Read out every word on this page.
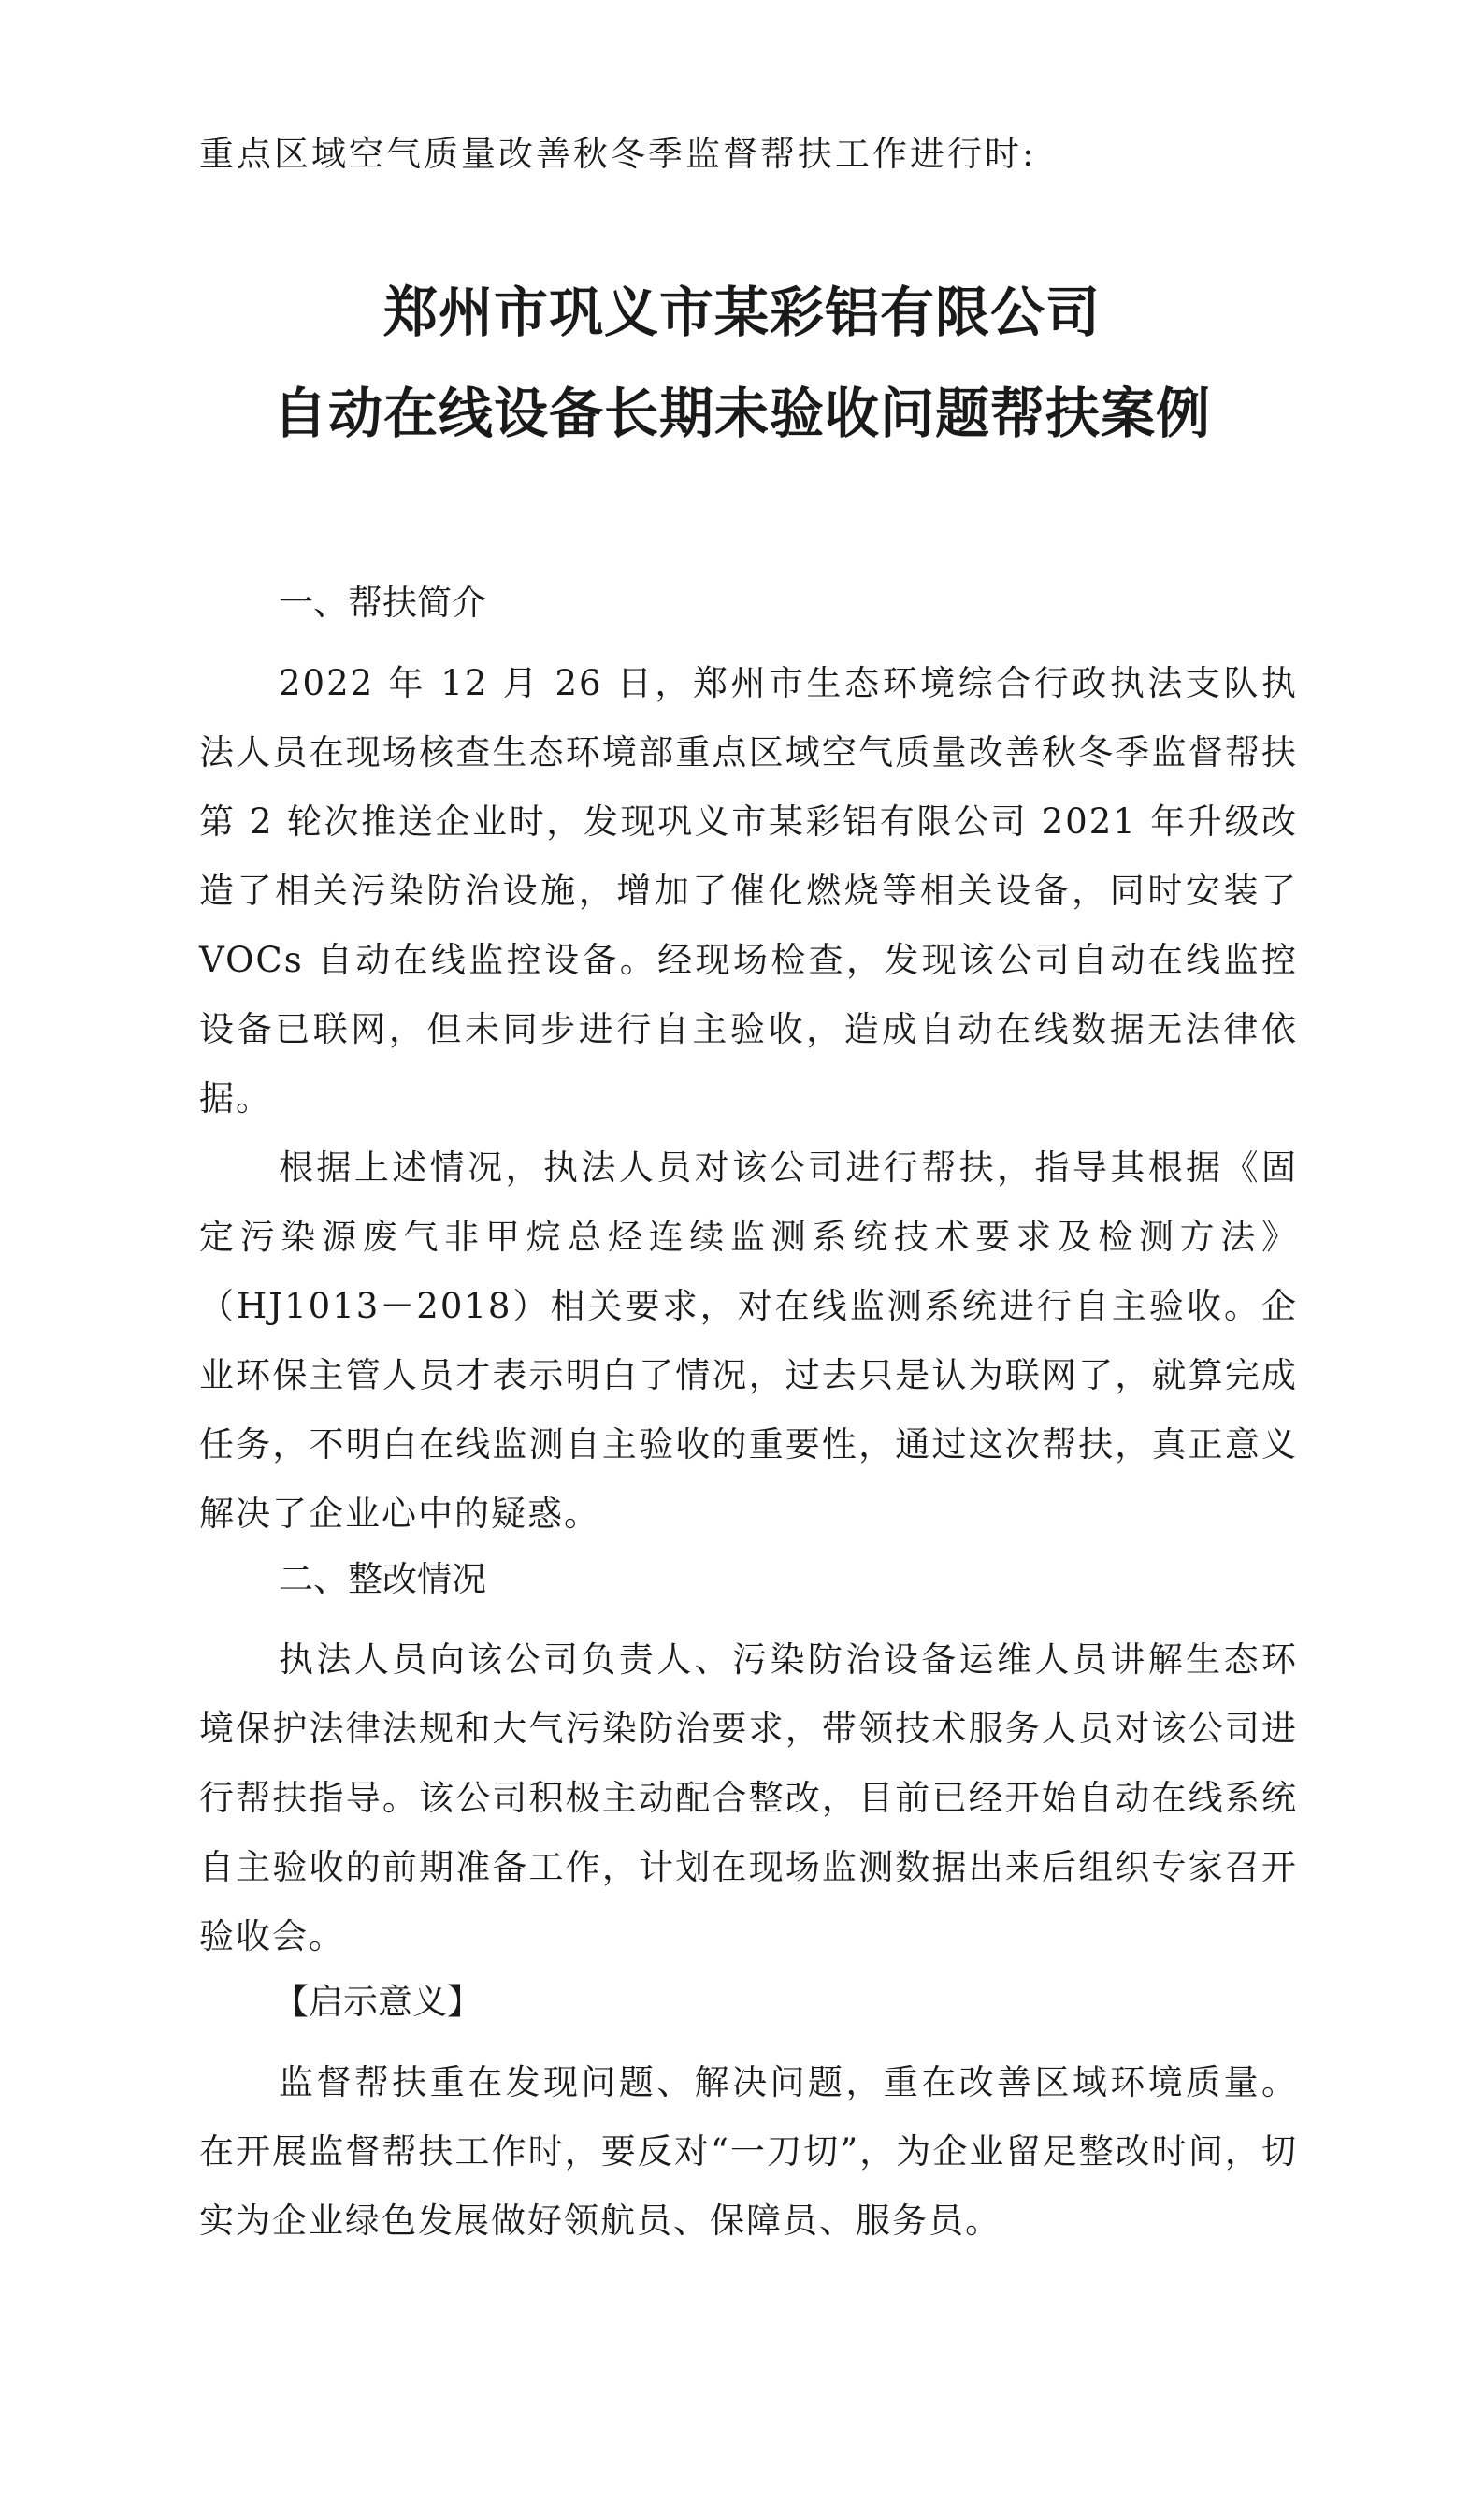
重点区域空气质量改善秋冬季监督帮扶工作进行时:
郑州市巩义市某彩铝有限公司
自动在线设备长期未验收问题帮扶案例
一、帮扶简介

2022 年 12 月 26 日，郑州市生态环境综合行政执法支队执法人员在现场核查生态环境部重点区域空气质量改善秋冬季监督帮扶第 2 轮次推送企业时，发现巩义市某彩铝有限公司 2021 年升级改造了相关污染防治设施，增加了催化燃烧等相关设备，同时安装了 VOCs 自动在线监控设备。经现场检查，发现该公司自动在线监控设备已联网，但未同步进行自主验收，造成自动在线数据无法律依据。

根据上述情况，执法人员对该公司进行帮扶，指导其根据《固定污染源废气非甲烷总烃连续监测系统技术要求及检测方法》（HJ1013－2018）相关要求，对在线监测系统进行自主验收。企业环保主管人员才表示明白了情况，过去只是认为联网了，就算完成任务，不明白在线监测自主验收的重要性，通过这次帮扶，真正意义解决了企业心中的疑惑。

二、整改情况

执法人员向该公司负责人、污染防治设备运维人员讲解生态环境保护法律法规和大气污染防治要求，带领技术服务人员对该公司进行帮扶指导。该公司积极主动配合整改，目前已经开始自动在线系统自主验收的前期准备工作，计划在现场监测数据出来后组织专家召开验收会。

【启示意义】

监督帮扶重在发现问题、解决问题，重在改善区域环境质量。在开展监督帮扶工作时，要反对“一刀切”，为企业留足整改时间，切实为企业绿色发展做好领航员、保障员、服务员。
